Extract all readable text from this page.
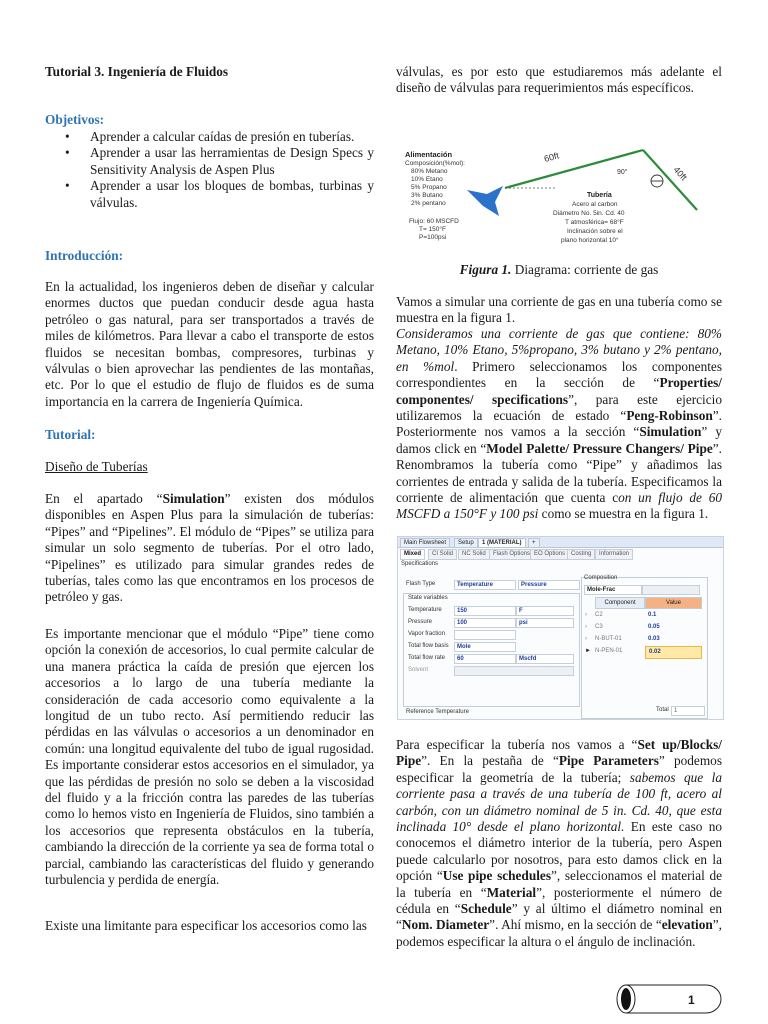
Tutorial 3. Ingeniería de Fluidos
Objetivos:
• Aprender a calcular caídas de presión en tuberías.
• Aprender a usar las herramientas de Design Specs y Sensitivity Analysis de Aspen Plus
• Aprender a usar los bloques de bombas, turbinas y válvulas.
Introducción:

En la actualidad, los ingenieros deben de diseñar y calcular enormes ductos que puedan conducir desde agua hasta petróleo o gas natural, para ser transportados a través de miles de kilómetros. Para llevar a cabo el transporte de estos fluidos se necesitan bombas, compresores, turbinas y válvulas o bien aprovechar las pendientes de las montañas, etc. Por lo que el estudio de flujo de fluidos es de suma importancia en la carrera de Ingeniería Química.

Tutorial:
Diseño de Tuberías

En el apartado “Simulation” existen dos módulos disponibles en Aspen Plus para la simulación de tuberías: “Pipes” and “Pipelines”. El módulo de “Pipes” se utiliza para simular un solo segmento de tuberías. Por el otro lado, “Pipelines” es utilizado para simular grandes redes de tuberías, tales como las que encontramos en los procesos de petróleo y gas.

Es importante mencionar que el módulo “Pipe” tiene como opción la conexión de accesorios, lo cual permite calcular de una manera práctica la caída de presión que ejercen los accesorios a lo largo de una tubería mediante la consideración de cada accesorio como equivalente a la longitud de un tubo recto. Así permitiendo reducir las pérdidas en las válvulas o accesorios a un denominador en común: una longitud equivalente del tubo de igual rugosidad. Es importante considerar estos accesorios en el simulador, ya que las pérdidas de presión no solo se deben a la viscosidad del fluido y a la fricción contra las paredes de las tuberías como lo hemos visto en Ingeniería de Fluidos, sino también a los accesorios que representa obstáculos en la tubería, cambiando la dirección de la corriente ya sea de forma total o parcial, cambiando las características del fluido y generando turbulencia y perdida de energía.

Existe una limitante para especificar los accesorios como las

válvulas, es por esto que estudiaremos más adelante el diseño de válvulas para requerimientos más específicos.

Alimentación
Composición(%mol):
80% Metano
10% Etano
5% Propano
3% Butano
2% pentano
Flujo: 60 MSCFD
T= 150°F
P=100psi
60ft
40ft
90°
Tubería
Acero al carbon
Diámetro No. 5in. Cd. 40
T atmosférica= 68°F
Inclinación sobre el
plano horizontal 10°
Figura 1. Diagrama: corriente de gas

Vamos a simular una corriente de gas en una tubería como se muestra en la figura 1.

Consideramos una corriente de gas que contiene: 80% Metano, 10% Etano, 5%propano, 3% butano y 2% pentano, en %mol. Primero seleccionamos los componentes correspondientes en la sección de “Properties/ componentes/ specifications”, para este ejercicio utilizaremos la ecuación de estado “Peng-Robinson”. Posteriormente nos vamos a la sección “Simulation” y damos click en “Model Palette/ Pressure Changers/ Pipe”. Renombramos la tubería como “Pipe” y añadimos las corrientes de entrada y salida de la tubería. Especificamos la corriente de alimentación que cuenta con un flujo de 60 MSCFD a 150°F y 100 psi como se muestra en la figura 1.

Para especificar la tubería nos vamos a “Set up/Blocks/ Pipe”. En la pestaña de “Pipe Parameters” podemos especificar la geometría de la tubería; sabemos que la corriente pasa a través de una tubería de 100 ft, acero al carbón, con un diámetro nominal de 5 in. Cd. 40, que esta inclinada 10° desde el plano horizontal. En este caso no conocemos el diámetro interior de la tubería, pero Aspen puede calcularlo por nosotros, para esto damos click en la opción “Use pipe schedules”, seleccionamos el material de la tubería en “Material”, posteriormente el número de cédula en “Schedule” y al último el diámetro nominal en “Nom. Diameter”. Ahí mismo, en la sección de “elevation”, podemos especificar la altura o el ángulo de inclinación.

Main Flowsheet	Setup	1 (MATERIAL)	+
Mixed	CI Solid	NC Solid	Flash Options EO Options Costing	Information
Specifications
Flash Type	Temperature	Pressure
State variables
Temperature	150	F
Pressure	100	psi
Vapor fraction
Total flow basis	Mole
Total flow rate	60	Mscfd
Solvent
Reference Temperature
Composition
Mole-Frac
Component	Value
› C2	0.1
› C3	0.05
› N-BUT-01	0.03
► N-PEN-01	0.02
Total 1
1
